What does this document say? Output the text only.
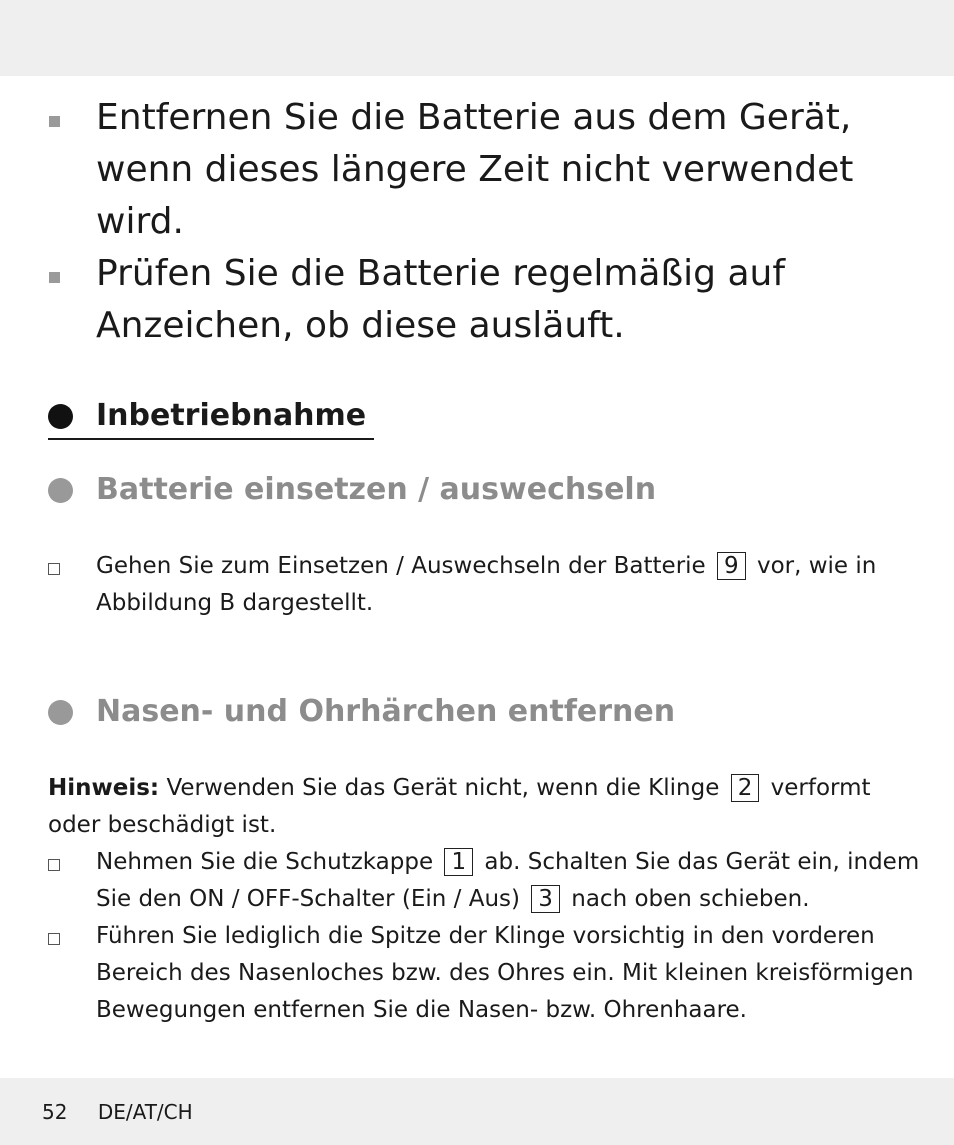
Entfernen Sie die Batterie aus dem Gerät, wenn dieses längere Zeit nicht verwendet wird.
Prüfen Sie die Batterie regelmäßig auf Anzeichen, ob diese ausläuft.
Inbetriebnahme
Batterie einsetzen / auswechseln
Gehen Sie zum Einsetzen / Auswechseln der Batterie 9 vor, wie in Abbildung B dargestellt.
Nasen- und Ohrhärchen entfernen
Hinweis: Verwenden Sie das Gerät nicht, wenn die Klinge 2 verformt oder beschädigt ist.
Nehmen Sie die Schutzkappe 1 ab. Schalten Sie das Gerät ein, indem Sie den ON / OFF-Schalter (Ein / Aus) 3 nach oben schieben.
Führen Sie lediglich die Spitze der Klinge vorsichtig in den vorderen Bereich des Nasenloches bzw. des Ohres ein. Mit kleinen kreisförmigen Bewegungen entfernen Sie die Nasen- bzw. Ohrenhaare.
52 DE/AT/CH
